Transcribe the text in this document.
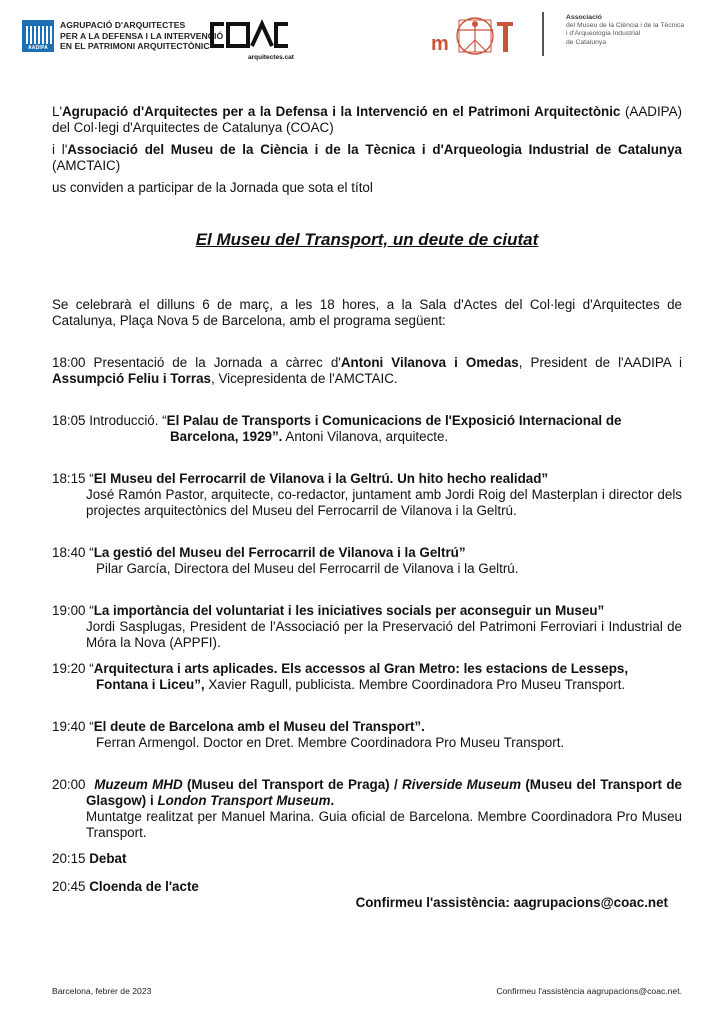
AADIPA
AGRUPACIÓ D'ARQUITECTES
PER A LA DEFENSA I LA INTERVENCIÓ
EN EL PATRIMONI ARQUITECTÒNIC
arquitectes.cat
m
Associació
del Museu de la Ciència i de la Tècnica
i d'Arqueologia Industrial
de Catalunya

L'Agrupació d'Arquitectes per a la Defensa i la Intervenció en el Patrimoni Arquitectònic (AADIPA) del Col·legi d'Arquitectes de Catalunya (COAC)

i l'Associació del Museu de la Ciència i de la Tècnica i d'Arqueologia Industrial de Catalunya (AMCTAIC)

us conviden a participar de la Jornada que sota el títol

El Museu del Transport, un deute de ciutat

Se celebrarà el dilluns 6 de març, a les 18 hores, a la Sala d'Actes del Col·legi d'Arquitectes de Catalunya, Plaça Nova 5 de Barcelona, amb el programa següent:

18:00 Presentació de la Jornada a càrrec d'Antoni Vilanova i Omedas, President de l'AADIPA i Assumpció Feliu i Torras, Vicepresidenta de l'AMCTAIC.

18:05 Introducció. “El Palau de Transports i Comunicacions de l'Exposició Internacional de

Barcelona, 1929”. Antoni Vilanova, arquitecte.

18:15 “El Museu del Ferrocarril de Vilanova i la Geltrú. Un hito hecho realidad”

José Ramón Pastor, arquitecte, co-redactor, juntament amb Jordi Roig del Masterplan i director dels projectes arquitectònics del Museu del Ferrocarril de Vilanova i la Geltrú.

18:40 “La gestió del Museu del Ferrocarril de Vilanova i la Geltrú”

Pilar García, Directora del Museu del Ferrocarril de Vilanova i la Geltrú.

19:00 “La importància del voluntariat i les iniciatives socials per aconseguir un Museu”

Jordi Sasplugas, President de l'Associació per la Preservació del Patrimoni Ferroviari i Industrial de Móra la Nova (APPFI).

19:20 “Arquitectura i arts aplicades. Els accessos al Gran Metro: les estacions de Lesseps,

Fontana i Liceu”, Xavier Ragull, publicista. Membre Coordinadora Pro Museu Transport.

19:40 “El deute de Barcelona amb el Museu del Transport”.

Ferran Armengol. Doctor en Dret. Membre Coordinadora Pro Museu Transport.

20:00 Muzeum MHD (Museu del Transport de Praga) / Riverside Museum (Museu del Transport de Glasgow) i London Transport Museum.

Muntatge realitzat per Manuel Marina. Guia oficial de Barcelona. Membre Coordinadora Pro Museu Transport.

20:15 Debat

20:45 Cloenda de l'acte

Confirmeu l'assistència: aagrupacions@coac.net

Barcelona, febrer de 2023	Confirmeu l'assistència aagrupacions@coac.net.
